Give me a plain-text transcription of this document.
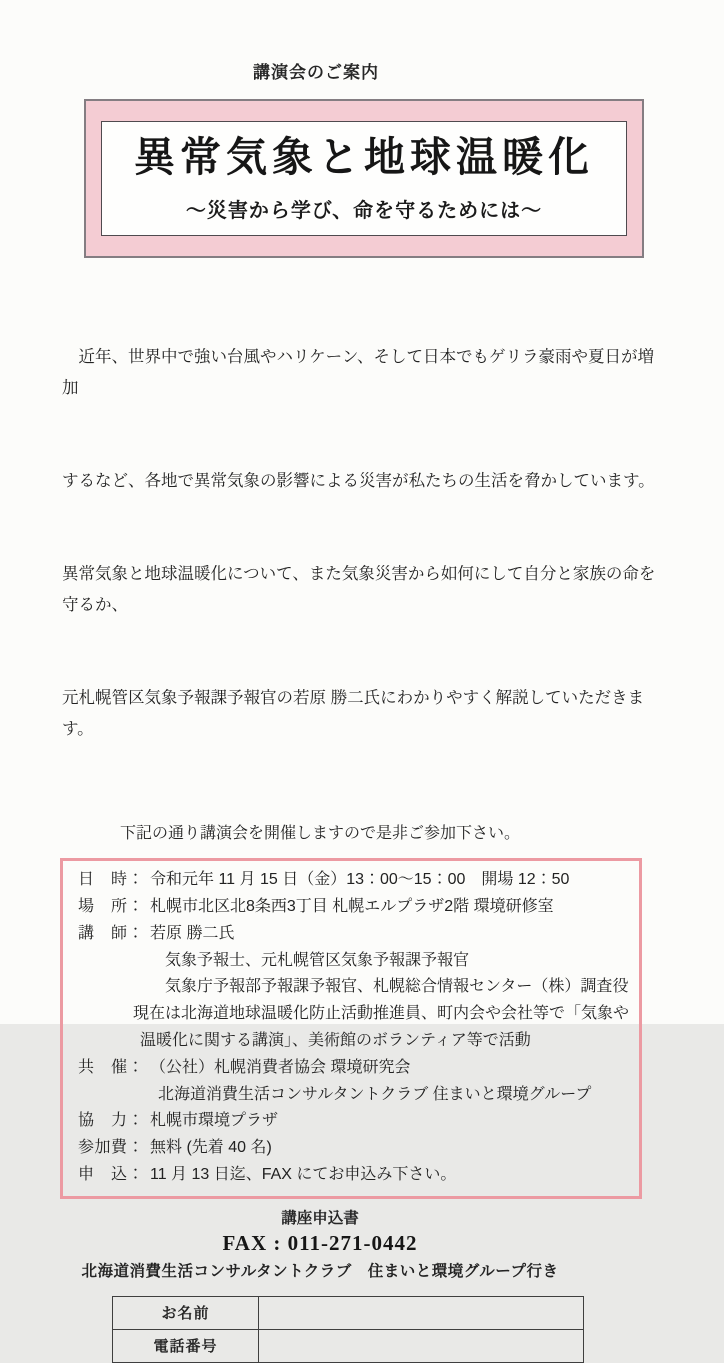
講演会のご案内
異常気象と地球温暖化
～災害から学び、命を守るためには～

　近年、世界中で強い台風やハリケーン、そして日本でもゲリラ豪雨や夏日が増加

するなど、各地で異常気象の影響による災害が私たちの生活を脅かしています。

異常気象と地球温暖化について、また気象災害から如何にして自分と家族の命を守るか、

元札幌管区気象予報課予報官の若原 勝二氏にわかりやすく解説していただきます。

下記の通り講演会を開催しますので是非ご参加下さい。
日　時： 令和元年 11 月 15 日（金）13：00～15：00　開場 12：50
場　所： 札幌市北区北8条西3丁目 札幌エルプラザ2階 環境研修室
講　師： 若原 勝二氏
気象予報士、元札幌管区気象予報課予報官
気象庁予報部予報課予報官、札幌総合情報センター（株）調査役
現在は北海道地球温暖化防止活動推進員、町内会や会社等で「気象や
温暖化に関する講演」、美術館のボランティア等で活動
共　催： （公社）札幌消費者協会 環境研究会
北海道消費生活コンサルタントクラブ 住まいと環境グループ
協　力： 札幌市環境プラザ
参加費： 無料 (先着 40 名)
申　込： 11 月 13 日迄、FAX にてお申込み下さい。
講座申込書
FAX : 011-271-0442
北海道消費生活コンサルタントクラブ　住まいと環境グループ行き
お名前	
電話番号	
